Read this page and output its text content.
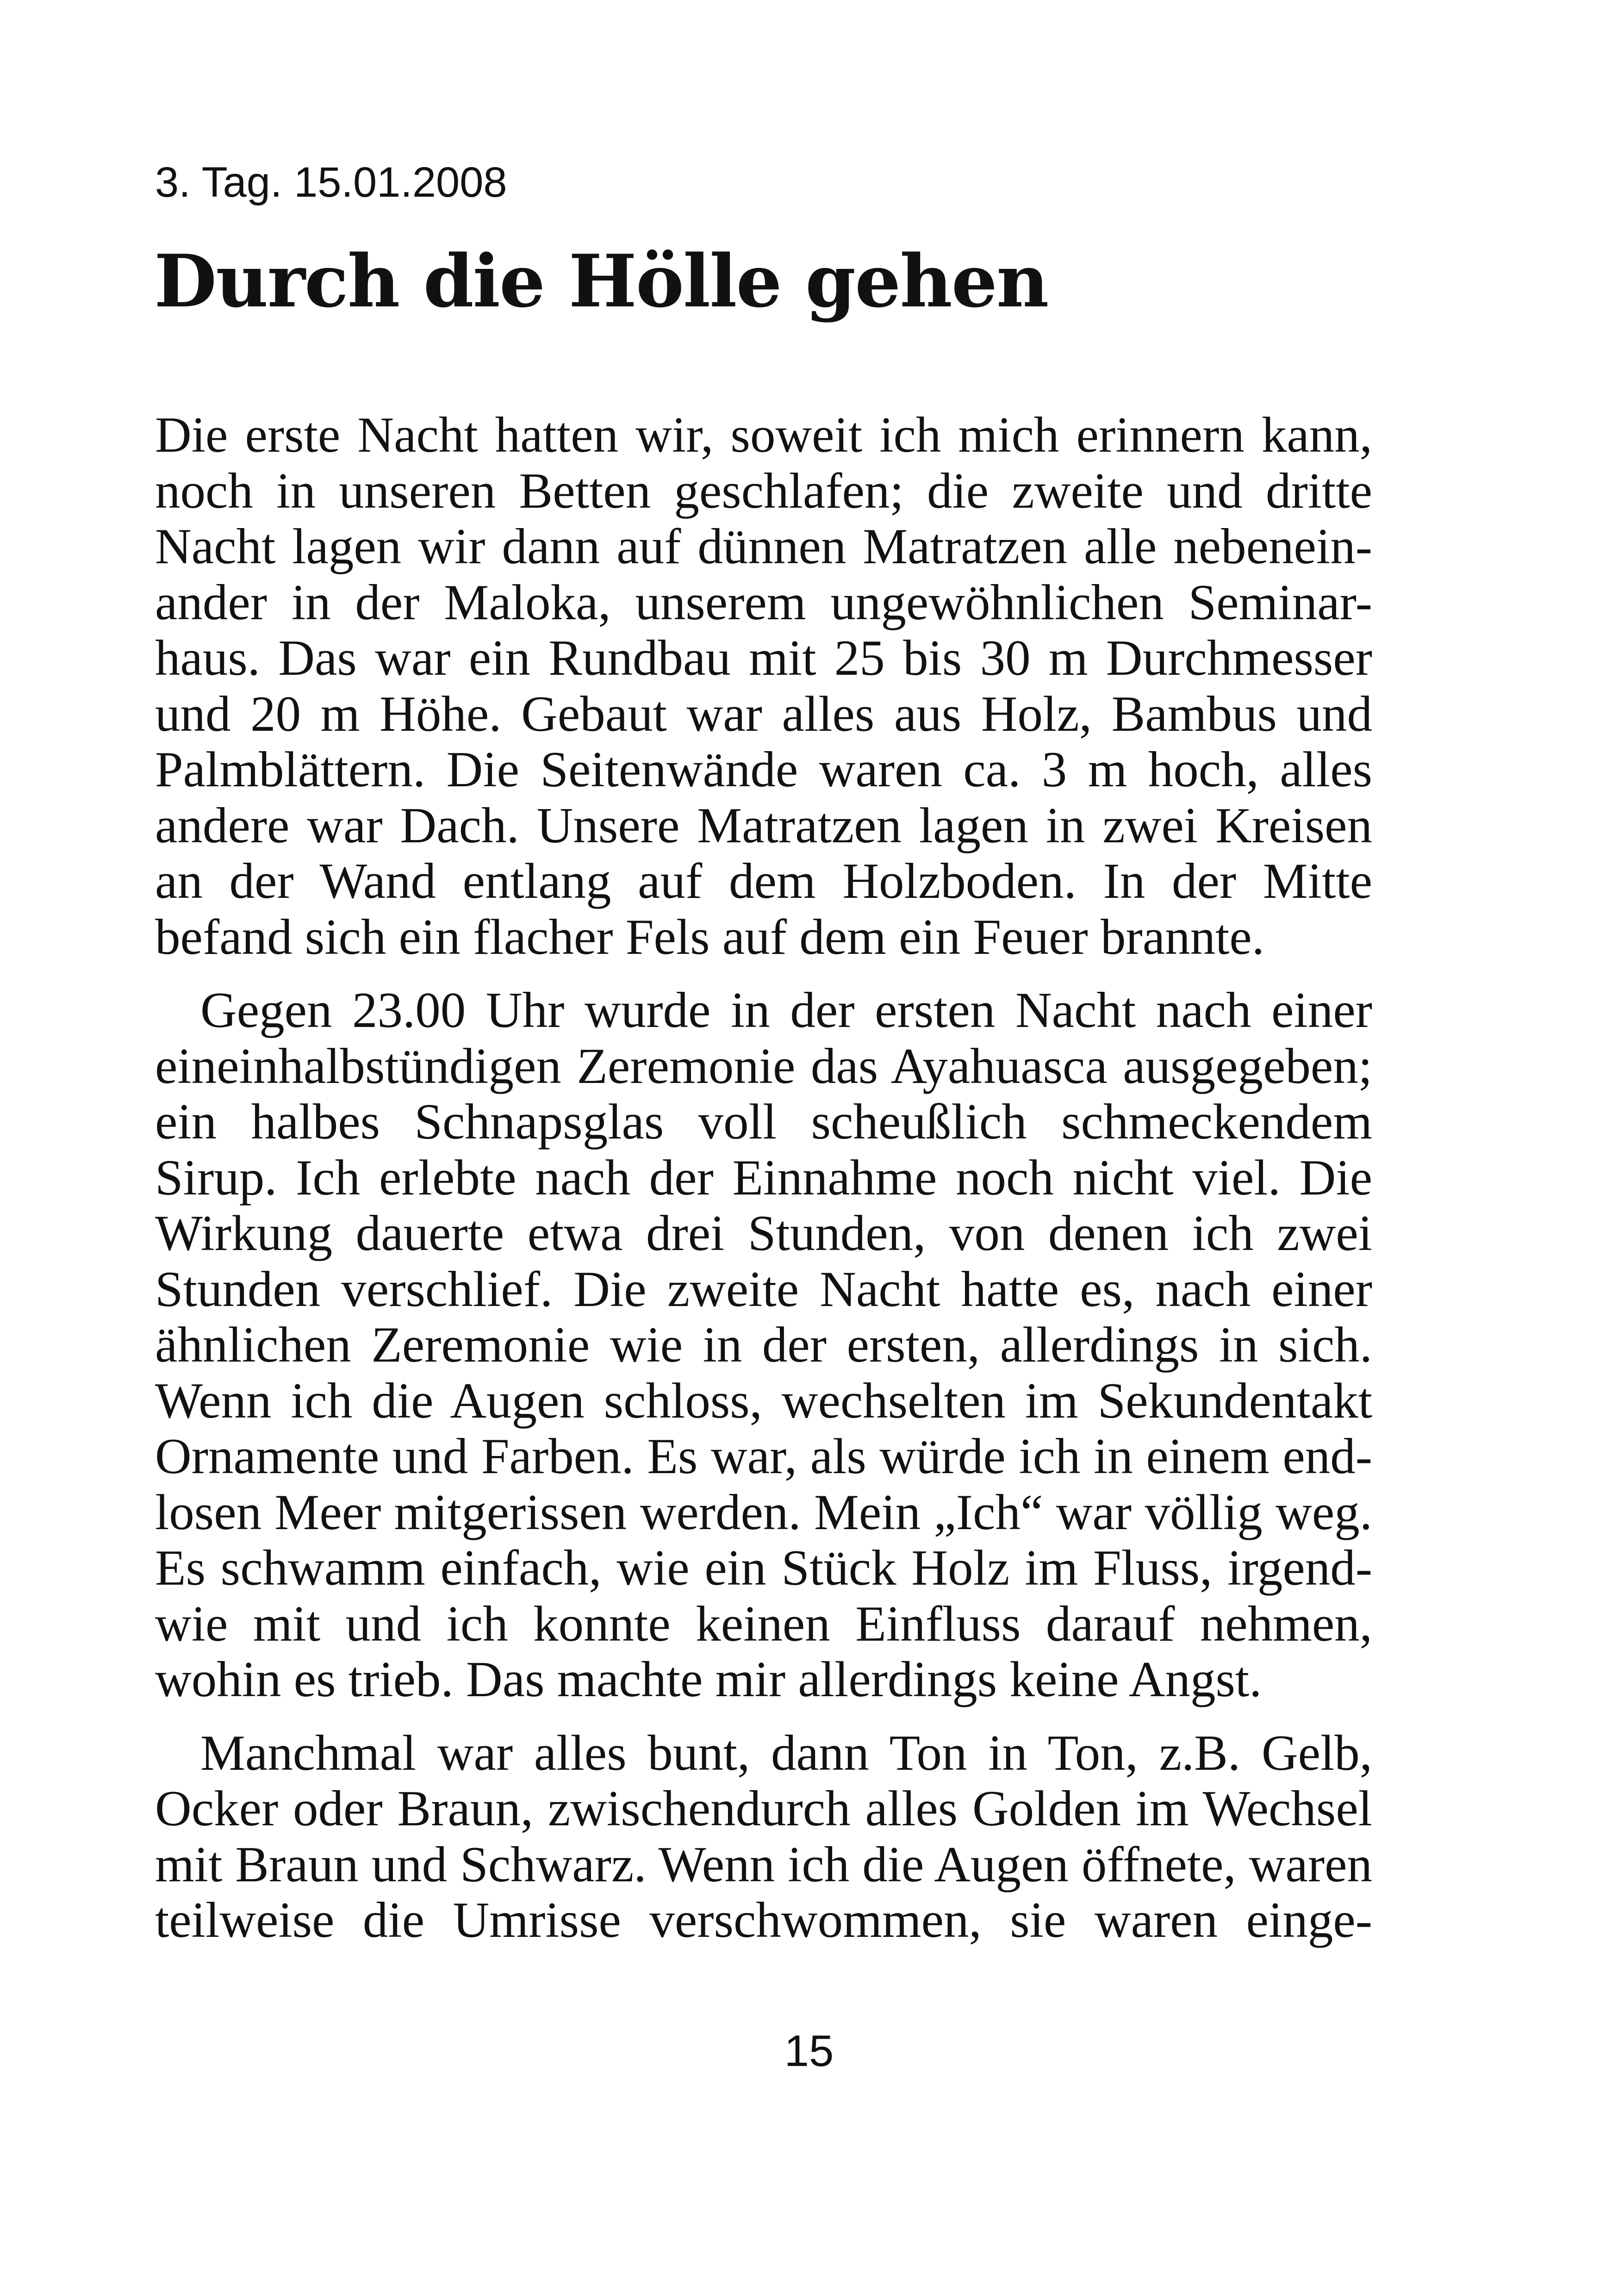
3. Tag. 15.01.2008
Durch die Hölle gehen

Die erste Nacht hatten wir, soweit ich mich erinnern kann,
noch in unseren Betten geschlafen; die zweite und dritte
Nacht lagen wir dann auf dünnen Matratzen alle nebenein-
ander in der Maloka, unserem ungewöhnlichen Seminar-
haus. Das war ein Rundbau mit 25 bis 30 m Durchmesser
und 20 m Höhe. Gebaut war alles aus Holz, Bambus und
Palmblättern. Die Seitenwände waren ca. 3 m hoch, alles
andere war Dach. Unsere Matratzen lagen in zwei Kreisen
an der Wand entlang auf dem Holzboden. In der Mitte
befand sich ein flacher Fels auf dem ein Feuer brannte.

Gegen 23.00 Uhr wurde in der ersten Nacht nach einer
eineinhalbstündigen Zeremonie das Ayahuasca ausgegeben;
ein halbes Schnapsglas voll scheußlich schmeckendem
Sirup. Ich erlebte nach der Einnahme noch nicht viel. Die
Wirkung dauerte etwa drei Stunden, von denen ich zwei
Stunden verschlief. Die zweite Nacht hatte es, nach einer
ähnlichen Zeremonie wie in der ersten, allerdings in sich.
Wenn ich die Augen schloss, wechselten im Sekundentakt
Ornamente und Farben. Es war, als würde ich in einem end-
losen Meer mitgerissen werden. Mein „Ich“ war völlig weg.
Es schwamm einfach, wie ein Stück Holz im Fluss, irgend-
wie mit und ich konnte keinen Einfluss darauf nehmen,
wohin es trieb. Das machte mir allerdings keine Angst.

Manchmal war alles bunt, dann Ton in Ton, z.B. Gelb,
Ocker oder Braun, zwischendurch alles Golden im Wechsel
mit Braun und Schwarz. Wenn ich die Augen öffnete, waren
teilweise die Umrisse verschwommen, sie waren einge-

15
